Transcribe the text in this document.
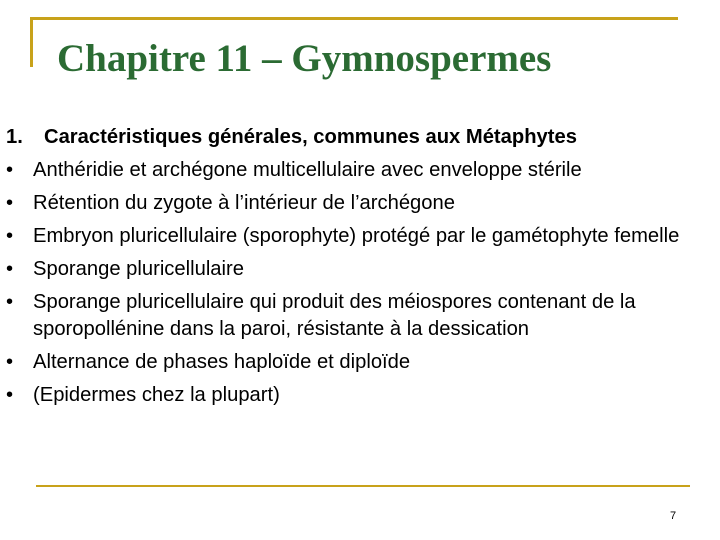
Chapitre 11 – Gymnospermes
1. Caractéristiques générales, communes aux Métaphytes
• Anthéridie et archégone multicellulaire avec enveloppe stérile
• Rétention du zygote à l’intérieur de l’archégone
• Embryon pluricellulaire (sporophyte) protégé par le gamétophyte femelle
• Sporange pluricellulaire
• Sporange pluricellulaire qui produit des méiospores contenant de la sporopollénine dans la paroi, résistante à la dessication
• Alternance de phases haploïde et diploïde
• (Epidermes chez la plupart)
7
